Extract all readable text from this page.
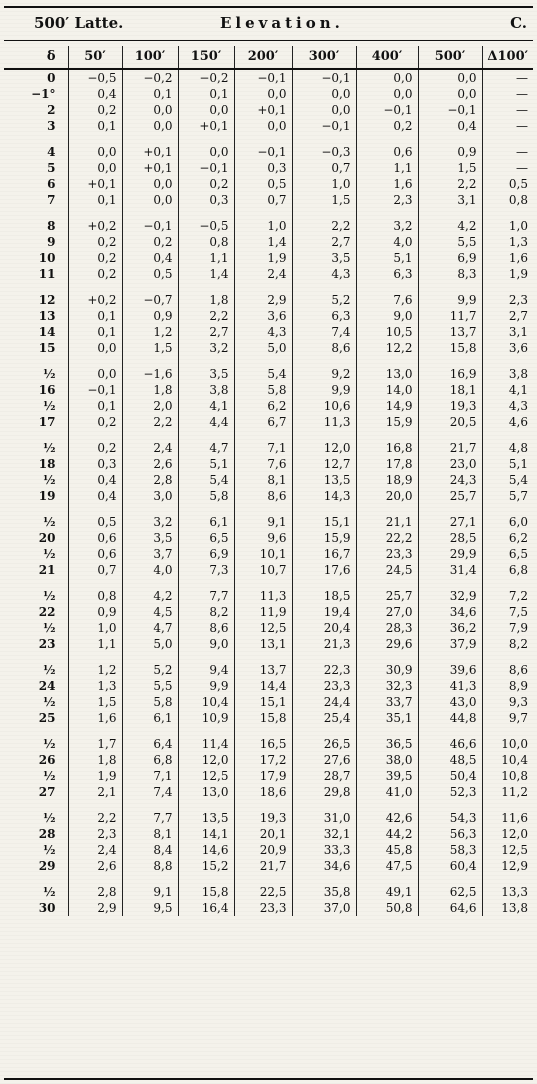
500′ Latte.	Elevation.	C.
δ	50′	100′	150′	200′	300′	400′	500′	Δ100′
0	−0,5	−0,2	−0,2	−0,1	−0,1	0,0	0,0	—
−1°	0,4	0,1	0,1	0,0	0,0	0,0	0,0	—
2	0,2	0,0	0,0	+0,1	0,0	−0,1	−0,1	—
3	0,1	0,0	+0,1	0,0	−0,1	0,2	0,4	—

4	0,0	+0,1	0,0	−0,1	−0,3	0,6	0,9	—
5	0,0	+0,1	−0,1	0,3	0,7	1,1	1,5	—
6	+0,1	0,0	0,2	0,5	1,0	1,6	2,2	0,5
7	0,1	0,0	0,3	0,7	1,5	2,3	3,1	0,8

8	+0,2	−0,1	−0,5	1,0	2,2	3,2	4,2	1,0
9	0,2	0,2	0,8	1,4	2,7	4,0	5,5	1,3
10	0,2	0,4	1,1	1,9	3,5	5,1	6,9	1,6
11	0,2	0,5	1,4	2,4	4,3	6,3	8,3	1,9

12	+0,2	−0,7	1,8	2,9	5,2	7,6	9,9	2,3
13	0,1	0,9	2,2	3,6	6,3	9,0	11,7	2,7
14	0,1	1,2	2,7	4,3	7,4	10,5	13,7	3,1
15	0,0	1,5	3,2	5,0	8,6	12,2	15,8	3,6

½	0,0	−1,6	3,5	5,4	9,2	13,0	16,9	3,8
16	−0,1	1,8	3,8	5,8	9,9	14,0	18,1	4,1
½	0,1	2,0	4,1	6,2	10,6	14,9	19,3	4,3
17	0,2	2,2	4,4	6,7	11,3	15,9	20,5	4,6

½	0,2	2,4	4,7	7,1	12,0	16,8	21,7	4,8
18	0,3	2,6	5,1	7,6	12,7	17,8	23,0	5,1
½	0,4	2,8	5,4	8,1	13,5	18,9	24,3	5,4
19	0,4	3,0	5,8	8,6	14,3	20,0	25,7	5,7

½	0,5	3,2	6,1	9,1	15,1	21,1	27,1	6,0
20	0,6	3,5	6,5	9,6	15,9	22,2	28,5	6,2
½	0,6	3,7	6,9	10,1	16,7	23,3	29,9	6,5
21	0,7	4,0	7,3	10,7	17,6	24,5	31,4	6,8

½	0,8	4,2	7,7	11,3	18,5	25,7	32,9	7,2
22	0,9	4,5	8,2	11,9	19,4	27,0	34,6	7,5
½	1,0	4,7	8,6	12,5	20,4	28,3	36,2	7,9
23	1,1	5,0	9,0	13,1	21,3	29,6	37,9	8,2

½	1,2	5,2	9,4	13,7	22,3	30,9	39,6	8,6
24	1,3	5,5	9,9	14,4	23,3	32,3	41,3	8,9
½	1,5	5,8	10,4	15,1	24,4	33,7	43,0	9,3
25	1,6	6,1	10,9	15,8	25,4	35,1	44,8	9,7

½	1,7	6,4	11,4	16,5	26,5	36,5	46,6	10,0
26	1,8	6,8	12,0	17,2	27,6	38,0	48,5	10,4
½	1,9	7,1	12,5	17,9	28,7	39,5	50,4	10,8
27	2,1	7,4	13,0	18,6	29,8	41,0	52,3	11,2

½	2,2	7,7	13,5	19,3	31,0	42,6	54,3	11,6
28	2,3	8,1	14,1	20,1	32,1	44,2	56,3	12,0
½	2,4	8,4	14,6	20,9	33,3	45,8	58,3	12,5
29	2,6	8,8	15,2	21,7	34,6	47,5	60,4	12,9

½	2,8	9,1	15,8	22,5	35,8	49,1	62,5	13,3
30	2,9	9,5	16,4	23,3	37,0	50,8	64,6	13,8
